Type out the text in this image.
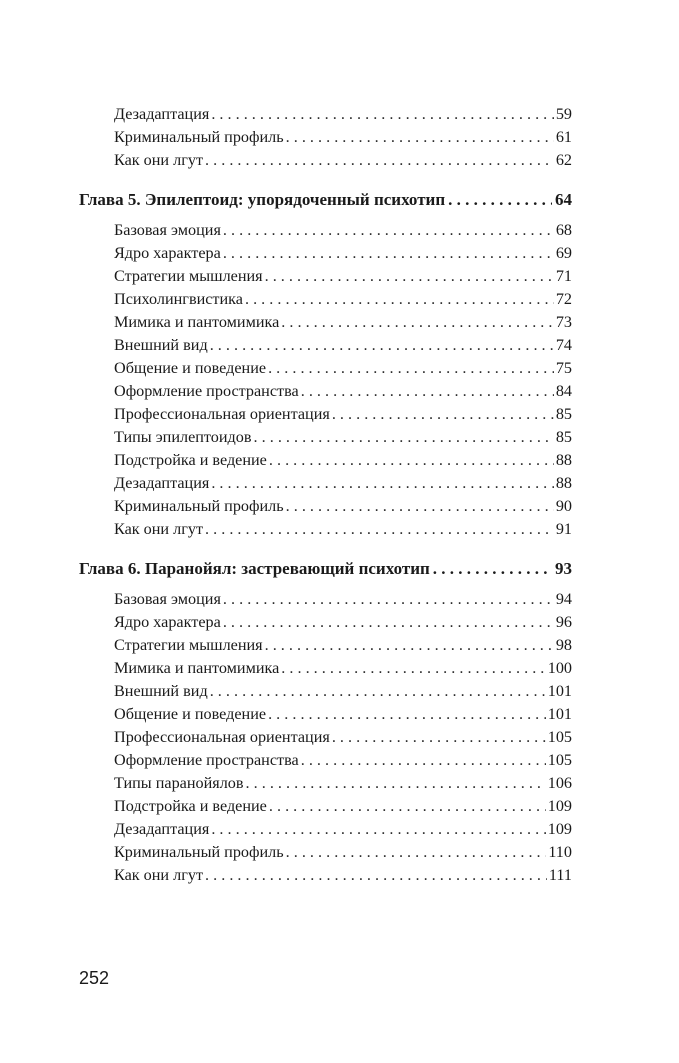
Дезадаптация . . .	59
Криминальный профиль . . .	61
Как они лгут . . .	62
Глава 5. Эпилептоид: упорядоченный психотип . . .	64
Базовая эмоция . . .	68
Ядро характера . . .	69
Стратегии мышления . . .	71
Психолингвистика . . .	72
Мимика и пантомимика . . .	73
Внешний вид . . .	74
Общение и поведение . . .	75
Оформление пространства . . .	84
Профессиональная ориентация . . .	85
Типы эпилептоидов . . .	85
Подстройка и ведение . . .	88
Дезадаптация . . .	88
Криминальный профиль . . .	90
Как они лгут . . .	91
Глава 6. Паранойял: застревающий психотип . . .	93
Базовая эмоция . . .	94
Ядро характера . . .	96
Стратегии мышления . . .	98
Мимика и пантомимика . . .	100
Внешний вид . . .	101
Общение и поведение . . .	101
Профессиональная ориентация . . .	105
Оформление пространства . . .	105
Типы паранойялов . . .	106
Подстройка и ведение . . .	109
Дезадаптация . . .	109
Криминальный профиль . . .	110
Как они лгут . . .	111
252
